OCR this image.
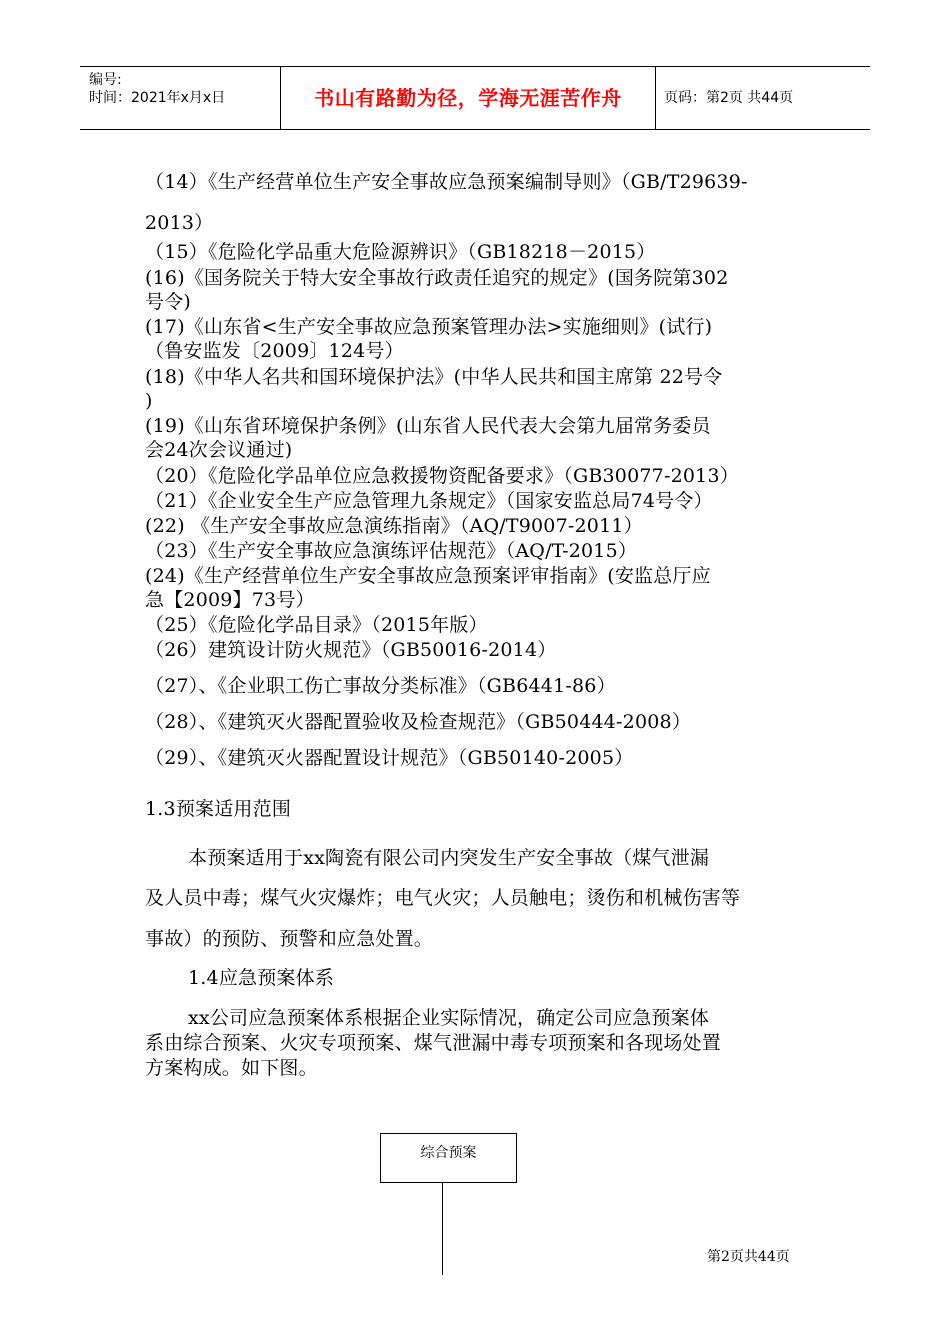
编号:
时间：2021年x月x日	书山有路勤为径，学海无涯苦作舟	页码：第2页 共44页
（14）《生产经营单位生产安全事故应急预案编制导则》（GB/T29639-
2013）
（15）《危险化学品重大危险源辨识》（GB18218－2015）
(16)《国务院关于特大安全事故行政责任追究的规定》(国务院第302
号令)
(17)《山东省<生产安全事故应急预案管理办法>实施细则》(试行)
（鲁安监发〔2009〕124号）
(18)《中华人名共和国环境保护法》(中华人民共和国主席第 22号令
)
(19)《山东省环境保护条例》(山东省人民代表大会第九届常务委员
会24次会议通过)
（20）《危险化学品单位应急救援物资配备要求》（GB30077-2013）
（21）《企业安全生产应急管理九条规定》（国家安监总局74号令）
(22) 《生产安全事故应急演练指南》（AQ/T9007-2011）
（23）《生产安全事故应急演练评估规范》（AQ/T-2015）
(24)《生产经营单位生产安全事故应急预案评审指南》(安监总厅应
急【2009】73号）
（25）《危险化学品目录》（2015年版）
（26）建筑设计防火规范》（GB50016-2014）
（27）、《企业职工伤亡事故分类标准》（GB6441-86）
（28）、《建筑灭火器配置验收及检查规范》（GB50444-2008）
（29）、《建筑灭火器配置设计规范》（GB50140-2005）
1.3预案适用范围
本预案适用于xx陶瓷有限公司内突发生产安全事故（煤气泄漏
及人员中毒；煤气火灾爆炸；电气火灾；人员触电；烫伤和机械伤害等
事故）的预防、预警和应急处置。
1.4应急预案体系
xx公司应急预案体系根据企业实际情况，确定公司应急预案体
系由综合预案、火灾专项预案、煤气泄漏中毒专项预案和各现场处置
方案构成。如下图。
综合预案
第2页共44页
